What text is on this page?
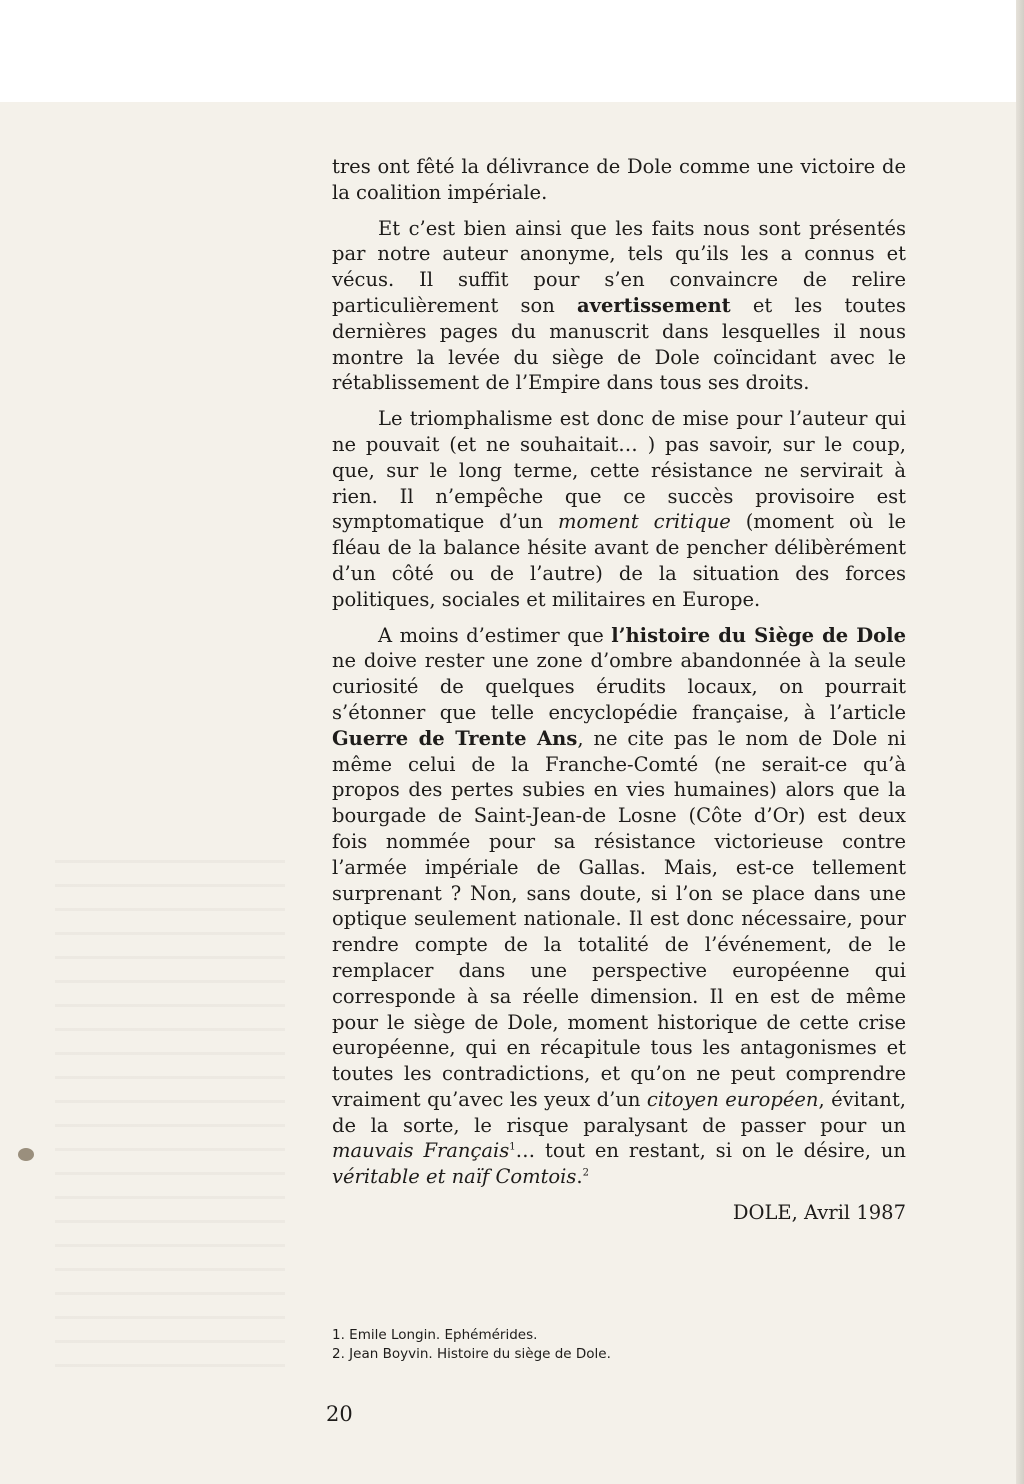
tres ont fêté la délivrance de Dole comme une victoire de la coalition impériale.

Et c’est bien ainsi que les faits nous sont présentés par notre auteur anonyme, tels qu’ils les a connus et vécus. Il suffit pour s’en convaincre de relire particulièrement son avertissement et les toutes dernières pages du manuscrit dans lesquelles il nous montre la levée du siège de Dole coïncidant avec le rétablissement de l’Empire dans tous ses droits.

Le triomphalisme est donc de mise pour l’auteur qui ne pouvait (et ne souhaitait… ) pas savoir, sur le coup, que, sur le long terme, cette résistance ne servirait à rien. Il n’empêche que ce succès provisoire est symptomatique d’un moment critique (moment où le fléau de la balance hésite avant de pencher délibèrément d’un côté ou de l’autre) de la situation des forces politiques, sociales et militaires en Europe.

A moins d’estimer que l’histoire du Siège de Dole ne doive rester une zone d’ombre abandonnée à la seule curiosité de quelques érudits locaux, on pourrait s’étonner que telle encyclopédie française, à l’article Guerre de Trente Ans, ne cite pas le nom de Dole ni même celui de la Franche-Comté (ne serait-ce qu’à propos des pertes subies en vies humaines) alors que la bourgade de Saint-Jean-de Losne (Côte d’Or) est deux fois nommée pour sa résistance victorieuse contre l’armée impériale de Gallas. Mais, est-ce tellement surprenant ? Non, sans doute, si l’on se place dans une optique seulement nationale. Il est donc nécessaire, pour rendre compte de la totalité de l’événement, de le remplacer dans une perspective européenne qui corresponde à sa réelle dimension. Il en est de même pour le siège de Dole, moment historique de cette crise européenne, qui en récapitule tous les antagonismes et toutes les contradictions, et qu’on ne peut comprendre vraiment qu’avec les yeux d’un citoyen européen, évitant, de la sorte, le risque paralysant de passer pour un mauvais Français$^1$… tout en restant, si on le désire, un véritable et naïf Comtois.$^2$

DOLE, Avril 1987
1. Emile Longin. Ephémérides.
2. Jean Boyvin. Histoire du siège de Dole.
20
